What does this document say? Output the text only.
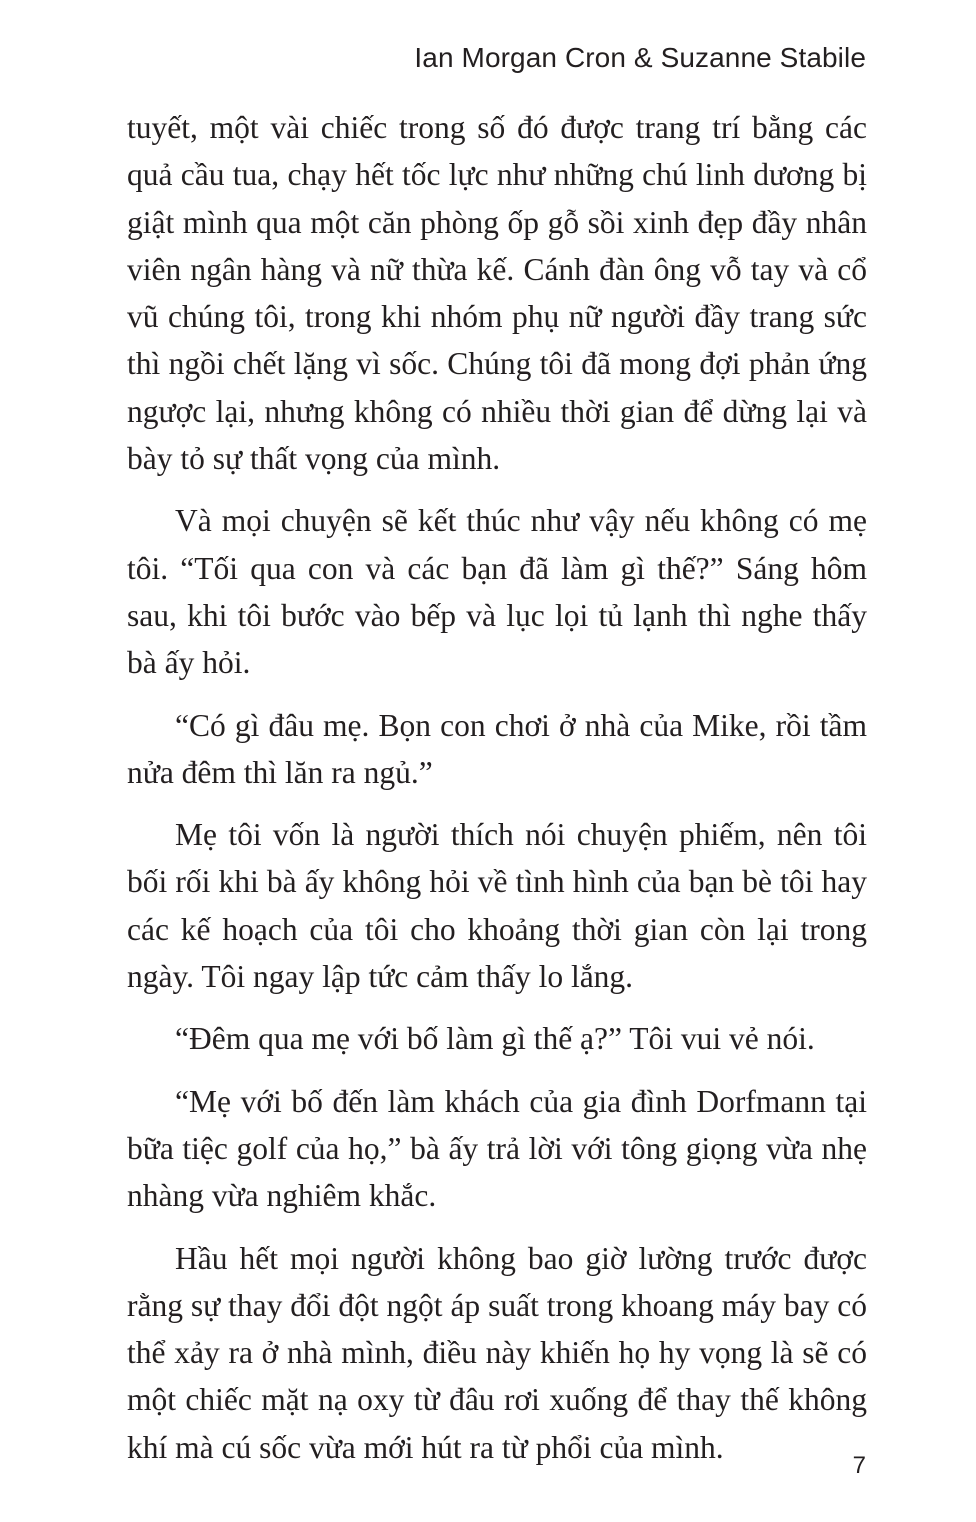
Ian Morgan Cron & Suzanne Stabile

tuyết, một vài chiếc trong số đó được trang trí bằng các quả cầu tua, chạy hết tốc lực như những chú linh dương bị giật mình qua một căn phòng ốp gỗ sồi xinh đẹp đầy nhân viên ngân hàng và nữ thừa kế. Cánh đàn ông vỗ tay và cổ vũ chúng tôi, trong khi nhóm phụ nữ người đầy trang sức thì ngồi chết lặng vì sốc. Chúng tôi đã mong đợi phản ứng ngược lại, nhưng không có nhiều thời gian để dừng lại và bày tỏ sự thất vọng của mình.

Và mọi chuyện sẽ kết thúc như vậy nếu không có mẹ tôi. “Tối qua con và các bạn đã làm gì thế?” Sáng hôm sau, khi tôi bước vào bếp và lục lọi tủ lạnh thì nghe thấy bà ấy hỏi.

“Có gì đâu mẹ. Bọn con chơi ở nhà của Mike, rồi tầm nửa đêm thì lăn ra ngủ.”

Mẹ tôi vốn là người thích nói chuyện phiếm, nên tôi bối rối khi bà ấy không hỏi về tình hình của bạn bè tôi hay các kế hoạch của tôi cho khoảng thời gian còn lại trong ngày. Tôi ngay lập tức cảm thấy lo lắng.

“Đêm qua mẹ với bố làm gì thế ạ?” Tôi vui vẻ nói.

“Mẹ với bố đến làm khách của gia đình Dorfmann tại bữa tiệc golf của họ,” bà ấy trả lời với tông giọng vừa nhẹ nhàng vừa nghiêm khắc.

Hầu hết mọi người không bao giờ lường trước được rằng sự thay đổi đột ngột áp suất trong khoang máy bay có thể xảy ra ở nhà mình, điều này khiến họ hy vọng là sẽ có một chiếc mặt nạ oxy từ đâu rơi xuống để thay thế không khí mà cú sốc vừa mới hút ra từ phổi của mình.

7
